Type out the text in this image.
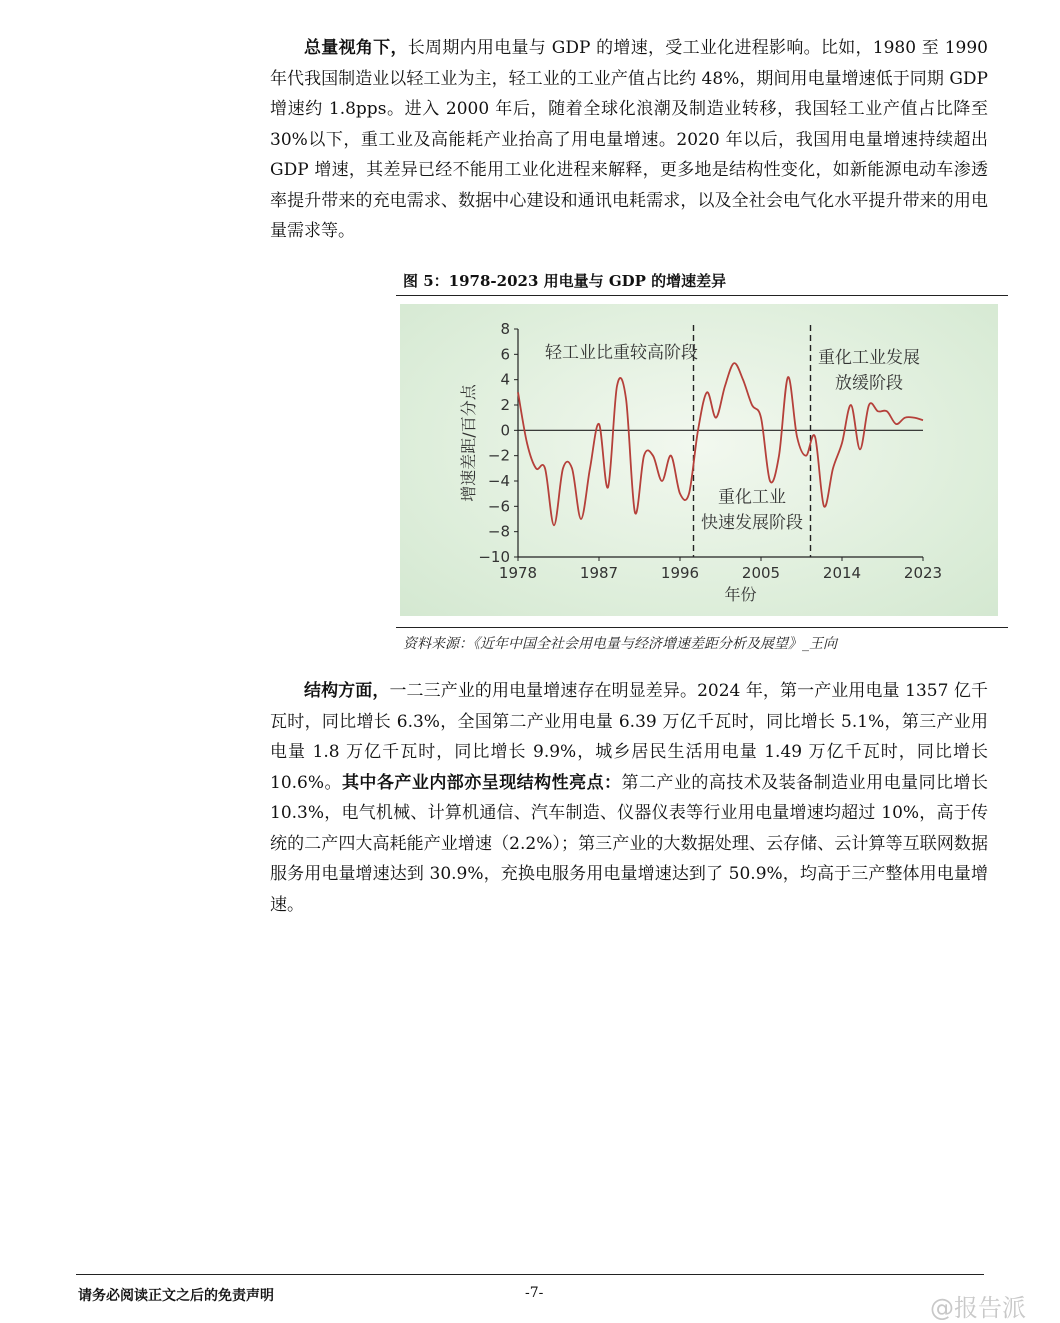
总量视角下，长周期内用电量与 GDP 的增速，受工业化进程影响。比如，1980 至 1990 年代我国制造业以轻工业为主，轻工业的工业产值占比约 48%，期间用电量增速低于同期 GDP 增速约 1.8pps。进入 2000 年后，随着全球化浪潮及制造业转移，我国轻工业产值占比降至 30%以下，重工业及高能耗产业抬高了用电量增速。2020 年以后，我国用电量增速持续超出 GDP 增速，其差异已经不能用工业化进程来解释，更多地是结构性变化，如新能源电动车渗透率提升带来的充电需求、数据中心建设和通讯电耗需求，以及全社会电气化水平提升带来的用电量需求等。

图 5：1978-2023 用电量与 GDP 的增速差异
−10
−8
−6
−4
−2
0
2
4
6
8
1978	1987	1996	2005	2014	2023
年份
增速差距/百分点
轻工业比重较高阶段
重化工业
快速发展阶段
重化工业发展
放缓阶段
资料来源：《近年中国全社会用电量与经济增速差距分析及展望》_王向

结构方面，一二三产业的用电量增速存在明显差异。2024 年，第一产业用电量 1357 亿千瓦时，同比增长 6.3%，全国第二产业用电量 6.39 万亿千瓦时，同比增长 5.1%，第三产业用电量 1.8 万亿千瓦时，同比增长 9.9%，城乡居民生活用电量 1.49 万亿千瓦时，同比增长 10.6%。其中各产业内部亦呈现结构性亮点：第二产业的高技术及装备制造业用电量同比增长 10.3%，电气机械、计算机通信、汽车制造、仪器仪表等行业用电量增速均超过 10%，高于传统的二产四大高耗能产业增速（2.2%）；第三产业的大数据处理、云存储、云计算等互联网数据服务用电量增速达到 30.9%，充换电服务用电量增速达到了 50.9%，均高于三产整体用电量增速。

请务必阅读正文之后的免责声明	-7-
@报告派
